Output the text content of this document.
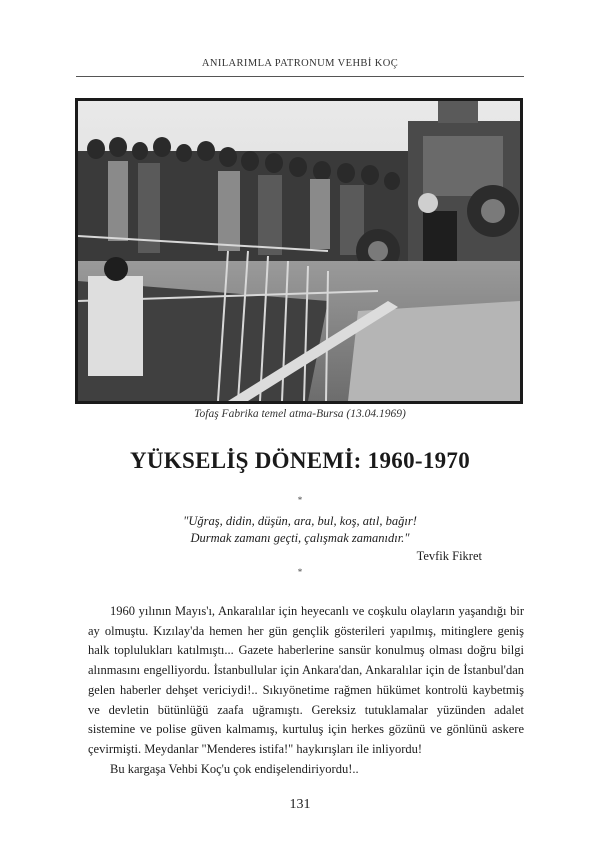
ANILARIMLA PATRONUM VEHBİ KOÇ
Tofaş Fabrika temel atma-Bursa (13.04.1969)
YÜKSELİŞ DÖNEMİ: 1960-1970
*
"Uğraş, didin, düşün, ara, bul, koş, atıl, bağır!
Durmak zamanı geçti, çalışmak zamanıdır."
Tevfik Fikret
*

1960 yılının Mayıs'ı, Ankaralılar için heyecanlı ve coşkulu olayların yaşandığı bir ay olmuştu. Kızılay'da hemen her gün gençlik gösterileri yapılmış, mitinglere geniş halk toplulukları katılmıştı... Gazete haberlerine sansür konulmuş olması doğru bilgi alınmasını engelliyordu. İstanbullular için Ankara'dan, Ankaralılar için de İstanbul'dan gelen haberler dehşet vericiydi!.. Sıkıyönetime rağmen hükümet kontrolü kaybetmiş ve devletin bütünlüğü zaafa uğramıştı. Gereksiz tutuklamalar yüzünden adalet sistemine ve polise güven kalmamış, kurtuluş için herkes gözünü ve gönlünü askere çevirmişti. Meydanlar "Menderes istifa!" haykırışları ile inliyordu!

Bu kargaşa Vehbi Koç'u çok endişelendiriyordu!..

131
